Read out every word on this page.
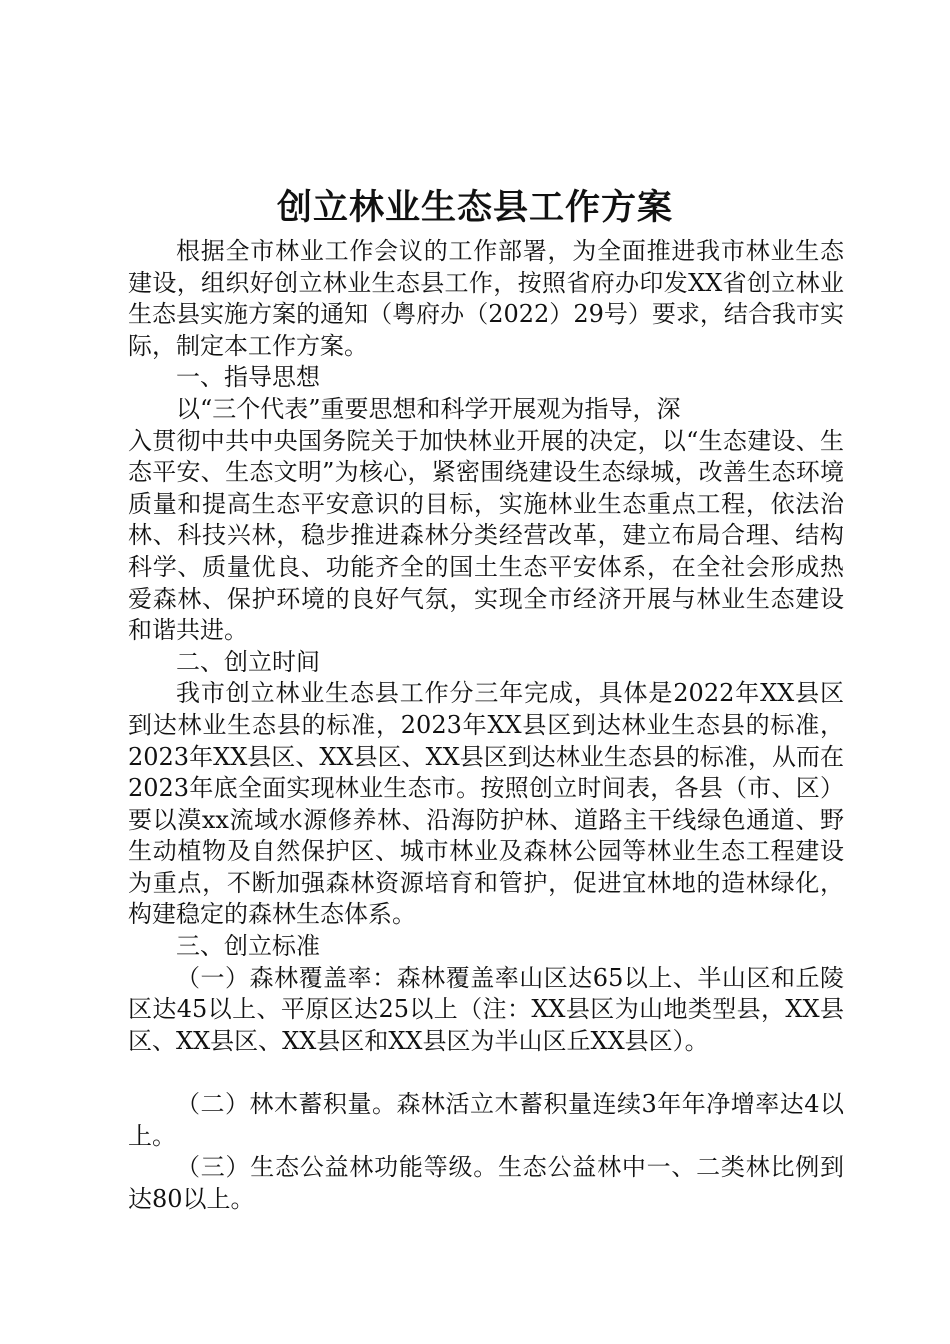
创立林业生态县工作方案

根据全市林业工作会议的工作部署，为全面推进我市林业生态建设，组织好创立林业生态县工作，按照省府办印发XX省创立林业生态县实施方案的通知（粤府办（2022）29号）要求，结合我市实际，制定本工作方案。

一、指导思想

以“三个代表”重要思想和科学开展观为指导，深

入贯彻中共中央国务院关于加快林业开展的决定，以“生态建设、生态平安、生态文明”为核心，紧密围绕建设生态绿城，改善生态环境质量和提高生态平安意识的目标，实施林业生态重点工程，依法治林、科技兴林，稳步推进森林分类经营改革，建立布局合理、结构科学、质量优良、功能齐全的国土生态平安体系，在全社会形成热爱森林、保护环境的良好气氛，实现全市经济开展与林业生态建设和谐共进。

二、创立时间

我市创立林业生态县工作分三年完成，具体是2022年XX县区到达林业生态县的标准，2023年XX县区到达林业生态县的标准，2023年XX县区、XX县区、XX县区到达林业生态县的标准，从而在2023年底全面实现林业生态市。按照创立时间表，各县（市、区）要以漠xx流域水源修养林、沿海防护林、道路主干线绿色通道、野生动植物及自然保护区、城市林业及森林公园等林业生态工程建设为重点，不断加强森林资源培育和管护，促进宜林地的造林绿化，构建稳定的森林生态体系。

三、创立标准

（一）森林覆盖率：森林覆盖率山区达65以上、半山区和丘陵区达45以上、平原区达25以上（注：XX县区为山地类型县，XX县区、XX县区、XX县区和XX县区为半山区丘XX县区）。

（二）林木蓄积量。森林活立木蓄积量连续3年年净增率达4以上。

（三）生态公益林功能等级。生态公益林中一、二类林比例到达80以上。
